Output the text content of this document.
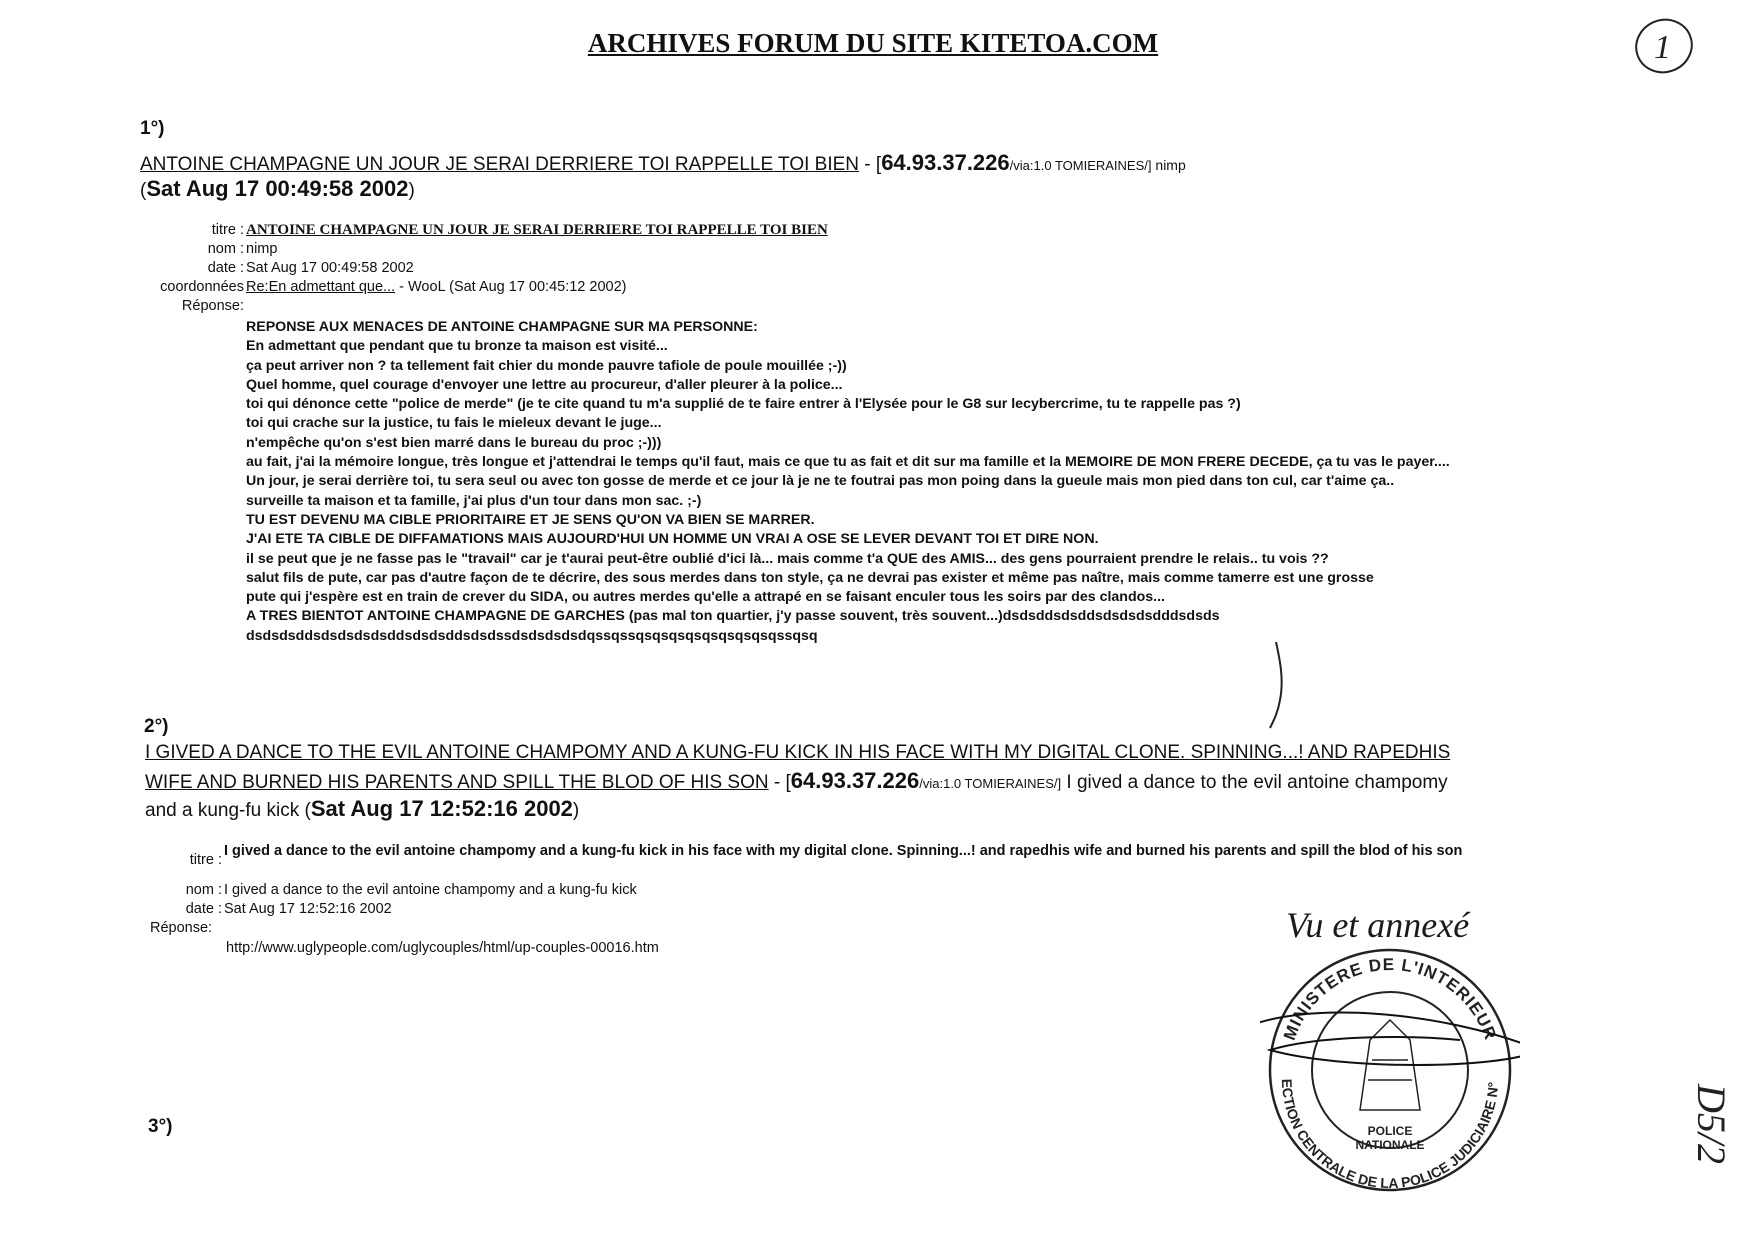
ARCHIVES FORUM DU SITE KITETOA.COM	1
D5/2
1°)
ANTOINE CHAMPAGNE UN JOUR JE SERAI DERRIERE TOI RAPPELLE TOI BIEN - [64.93.37.226/via:1.0 TOMIERAINES/] nimp
(Sat Aug 17 00:49:58 2002)
titre : ANTOINE CHAMPAGNE UN JOUR JE SERAI DERRIERE TOI RAPPELLE TOI BIEN
nom : nimp
date : Sat Aug 17 00:49:58 2002
coordonnées Re:En admettant que... - WooL (Sat Aug 17 00:45:12 2002)
Réponse:
REPONSE AUX MENACES DE ANTOINE CHAMPAGNE SUR MA PERSONNE:
En admettant que pendant que tu bronze ta maison est visité...
ça peut arriver non ? ta tellement fait chier du monde pauvre tafiole de poule mouillée ;-))
Quel homme, quel courage d'envoyer une lettre au procureur, d'aller pleurer à la police...
toi qui dénonce cette "police de merde" (je te cite quand tu m'a supplié de te faire entrer à l'Elysée pour le G8 sur lecybercrime, tu te rappelle pas ?)
toi qui crache sur la justice, tu fais le mieleux devant le juge...
n'empêche qu'on s'est bien marré dans le bureau du proc ;-)))
au fait, j'ai la mémoire longue, très longue et j'attendrai le temps qu'il faut, mais ce que tu as fait et dit sur ma famille et la MEMOIRE DE MON FRERE DECEDE, ça tu vas le payer....
Un jour, je serai derrière toi, tu sera seul ou avec ton gosse de merde et ce jour là je ne te foutrai pas mon poing dans la gueule mais mon pied dans ton cul, car t'aime ça..
surveille ta maison et ta famille, j'ai plus d'un tour dans mon sac. ;-)
TU EST DEVENU MA CIBLE PRIORITAIRE ET JE SENS QU'ON VA BIEN SE MARRER.
J'AI ETE TA CIBLE DE DIFFAMATIONS MAIS AUJOURD'HUI UN HOMME UN VRAI A OSE SE LEVER DEVANT TOI ET DIRE NON.
il se peut que je ne fasse pas le "travail" car je t'aurai peut-être oublié d'ici là... mais comme t'a QUE des AMIS... des gens pourraient prendre le relais.. tu vois ??
salut fils de pute, car pas d'autre façon de te décrire, des sous merdes dans ton style, ça ne devrai pas exister et même pas naître, mais comme tamerre est une grosse
pute qui j'espère est en train de crever du SIDA, ou autres merdes qu'elle a attrapé en se faisant enculer tous les soirs par des clandos...
A TRES BIENTOT ANTOINE CHAMPAGNE DE GARCHES (pas mal ton quartier, j'y passe souvent, très souvent...)dsdsddsdsddsdsdsdsdddsdsds
dsdsdsddsdsdsdsdsddsdsdsddsdsdssdsdsdsdsdqssqssqsqsqsqsqsqsqsqsqssqsq
2°)
I GIVED A DANCE TO THE EVIL ANTOINE CHAMPOMY AND A KUNG-FU KICK IN HIS FACE WITH MY DIGITAL CLONE. SPINNING...! AND RAPEDHIS
WIFE AND BURNED HIS PARENTS AND SPILL THE BLOD OF HIS SON - [64.93.37.226/via:1.0 TOMIERAINES/] I gived a dance to the evil antoine champomy
and a kung-fu kick (Sat Aug 17 12:52:16 2002)
titre :
I gived a dance to the evil antoine champomy and a kung-fu kick in his face with my digital clone. Spinning...! and rapedhis wife and burned his parents and spill the blod of his son
nom : I gived a dance to the evil antoine champomy and a kung-fu kick
date : Sat Aug 17 12:52:16 2002
Réponse:
http://www.uglypeople.com/uglycouples/html/up-couples-00016.htm
3°)
Vu et annexé
MINISTERE DE L'INTERIEUR
ECTION CENTRALE DE LA POLICE JUDICIAIRE N°
POLICE
NATIONALE
